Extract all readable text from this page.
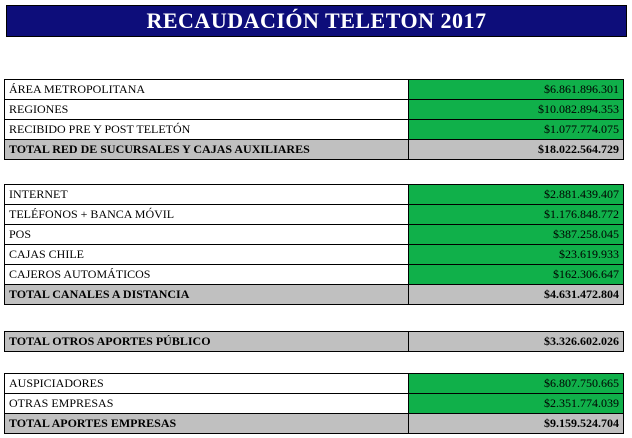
RECAUDACIÓN TELETON 2017
ÁREA METROPOLITANA	$6.861.896.301
REGIONES	$10.082.894.353
RECIBIDO PRE Y POST TELETÓN	$1.077.774.075
TOTAL RED DE SUCURSALES Y CAJAS AUXILIARES	$18.022.564.729
INTERNET	$2.881.439.407
TELÉFONOS + BANCA MÓVIL	$1.176.848.772
POS	$387.258.045
CAJAS CHILE	$23.619.933
CAJEROS AUTOMÁTICOS	$162.306.647
TOTAL CANALES A DISTANCIA	$4.631.472.804
TOTAL OTROS APORTES PÚBLICO	$3.326.602.026
AUSPICIADORES	$6.807.750.665
OTRAS EMPRESAS	$2.351.774.039
TOTAL APORTES EMPRESAS	$9.159.524.704
